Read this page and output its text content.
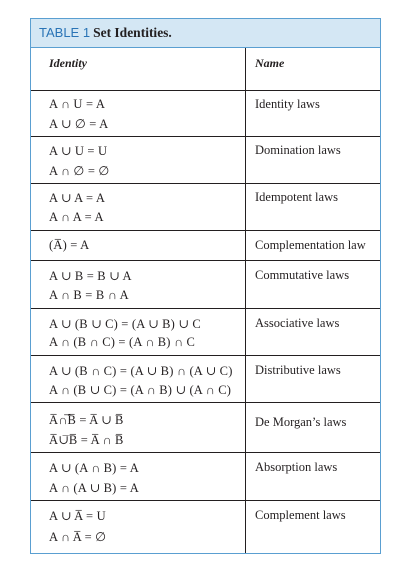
TABLE 1 Set Identities.
Identity	Name
A ∩ U = A
A ∪ ∅ = A
Identity laws
A ∪ U = U
A ∩ ∅ = ∅
Domination laws
A ∪ A = A
A ∩ A = A
Idempotent laws
(A̅) = A	Complementation law
A ∪ B = B ∪ A
A ∩ B = B ∩ A
Commutative laws
A ∪ (B ∪ C) = (A ∪ B) ∪ C
A ∩ (B ∩ C) = (A ∩ B) ∩ C
Associative laws
A ∪ (B ∩ C) = (A ∪ B) ∩ (A ∪ C)
A ∩ (B ∪ C) = (A ∩ B) ∪ (A ∩ C)
Distributive laws
A̅∩̅B̅ = A̅ ∪ B̅
A̅∪̅B̅ = A̅ ∩ B̅
De Morgan’s laws
A ∪ (A ∩ B) = A
A ∩ (A ∪ B) = A
Absorption laws
A ∪ A̅ = U
A ∩ A̅ = ∅
Complement laws
